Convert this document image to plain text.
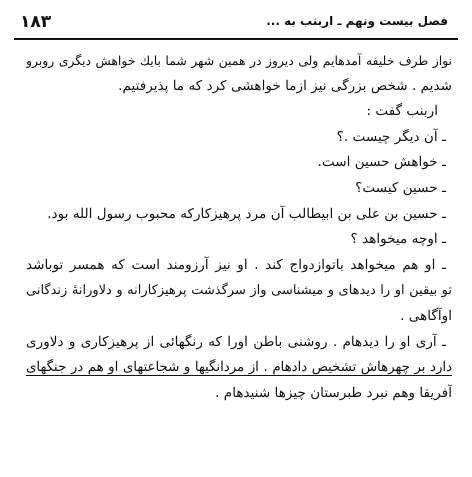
فصل بیست ونهم ـ اربنب به ...
۱۸۳
نواز طرف خلیفه آمدهایم ولی دیروز در همین شهر شما بایك خواهش دیگری روبرو
شدیم . شخص بزرگی نیز ازما خواهشی کرد که ما پذیرفتیم.
اربنب گفت :
ـ آن دیگر چیست .؟
ـ خواهش حسین است.
ـ حسین کیست؟
ـ حسین بن علی بن ابیطالب آن مرد پرهیزکارکه محبوب رسول الله بود.
ـ اوچه میخواهد ؟
ـ او هم میخواهد باتوازدواج کند . او نیز آرزومند است که همسر توباشد
تو بیقین او را دیدهای و میشناسی واز سرگذشت پرهیزکارانه و دلاورانهٔ زندگانی
اوآگاهی .
ـ آری او را دیدهام . روشنی باطن اورا که رنگهائی از پرهیزکاری و دلاوری
دارد بر چهرهاش تشخیص دادهام . از مردانگیها و شجاعتهای او هم در جنگهای
آفریقا وهم نبرد طبرستان چیزها شنیدهام .
